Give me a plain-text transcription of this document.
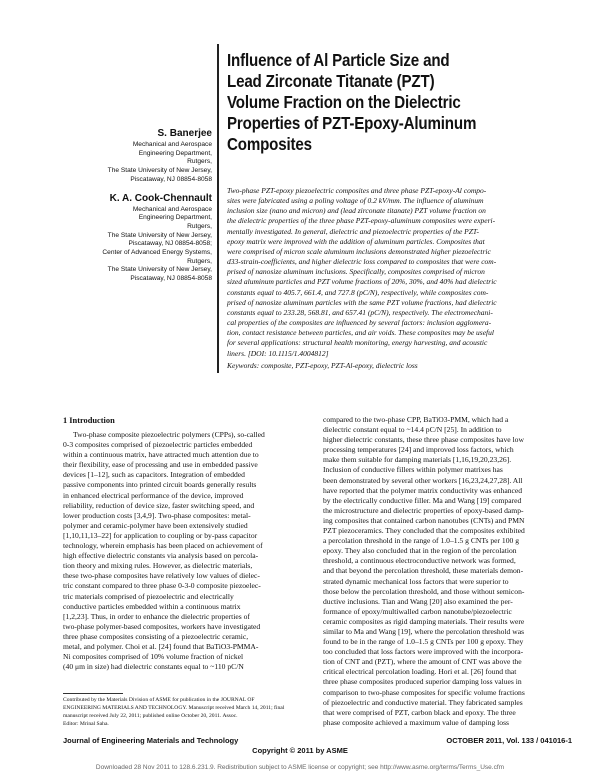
Influence of Al Particle Size and
Lead Zirconate Titanate (PZT)
Volume Fraction on the Dielectric
Properties of PZT-Epoxy-Aluminum
Composites
S. Banerjee
Mechanical and Aerospace
Engineering Department,
Rutgers,
The State University of New Jersey,
Piscataway, NJ 08854-8058
K. A. Cook-Chennault
Mechanical and Aerospace
Engineering Department,
Rutgers,
The State University of New Jersey,
Piscataway, NJ 08854-8058;
Center of Advanced Energy Systems,
Rutgers,
The State University of New Jersey,
Piscataway, NJ 08854-8058
Two-phase PZT-epoxy piezoelectric composites and three phase PZT-epoxy-Al compo-
sites were fabricated using a poling voltage of 0.2 kV/mm. The influence of aluminum
inclusion size (nano and micron) and (lead zirconate titanate) PZT volume fraction on
the dielectric properties of the three phase PZT-epoxy-aluminum composites were experi-
mentally investigated. In general, dielectric and piezoelectric properties of the PZT-
epoxy matrix were improved with the addition of aluminum particles. Composites that
were comprised of micron scale aluminum inclusions demonstrated higher piezoelectric
d33-strain-coefficients, and higher dielectric loss compared to composites that were com-
prised of nanosize aluminum inclusions. Specifically, composites comprised of micron
sized aluminum particles and PZT volume fractions of 20%, 30%, and 40% had dielectric
constants equal to 405.7, 661.4, and 727.8 (pC/N), respectively, while composites com-
prised of nanosize aluminum particles with the same PZT volume fractions, had dielectric
constants equal to 233.28, 568.81, and 657.41 (pC/N), respectively. The electromechani-
cal properties of the composites are influenced by several factors: inclusion agglomera-
tion, contact resistance between particles, and air voids. These composites may be useful
for several applications: structural health monitoring, energy harvesting, and acoustic
liners. [DOI: 10.1115/1.4004812]
Keywords: composite, PZT-epoxy, PZT-Al-epoxy, dielectric loss
1 Introduction
Two-phase composite piezoelectric polymers (CPPs), so-called
0-3 composites comprised of piezoelectric particles embedded
within a continuous matrix, have attracted much attention due to
their flexibility, ease of processing and use in embedded passive
devices [1–12], such as capacitors. Integration of embedded
passive components into printed circuit boards generally results
in enhanced electrical performance of the device, improved
reliability, reduction of device size, faster switching speed, and
lower production costs [3,4,9]. Two-phase composites: metal-
polymer and ceramic-polymer have been extensively studied
[1,10,11,13–22] for application to coupling or by-pass capacitor
technology, wherein emphasis has been placed on achievement of
high effective dielectric constants via analysis based on percola-
tion theory and mixing rules. However, as dielectric materials,
these two-phase composites have relatively low values of dielec-
tric constant compared to three phase 0-3-0 composite piezoelec-
tric materials comprised of piezoelectric and electrically
conductive particles embedded within a continuous matrix
[1,2,23]. Thus, in order to enhance the dielectric properties of
two-phase polymer-based composites, workers have investigated
three phase composites consisting of a piezoelectric ceramic,
metal, and polymer. Choi et al. [24] found that BaTiO3-PMMA-
Ni composites comprised of 10% volume fraction of nickel
(40 μm in size) had dielectric constants equal to ~110 pC/N
compared to the two-phase CPP, BaTiO3-PMM, which had a
dielectric constant equal to ~14.4 pC/N [25]. In addition to
higher dielectric constants, these three phase composites have low
processing temperatures [24] and improved loss factors, which
make them suitable for damping materials [1,16,19,20,23,26].
Inclusion of conductive fillers within polymer matrixes has
been demonstrated by several other workers [16,23,24,27,28]. All
have reported that the polymer matrix conductivity was enhanced
by the electrically conductive filler. Ma and Wang [19] compared
the microstructure and dielectric properties of epoxy-based damp-
ing composites that contained carbon nanotubes (CNTs) and PMN
PZT piezoceramics. They concluded that the composites exhibited
a percolation threshold in the range of 1.0–1.5 g CNTs per 100 g
epoxy. They also concluded that in the region of the percolation
threshold, a continuous electroconductive network was formed,
and that beyond the percolation threshold, these materials demon-
strated dynamic mechanical loss factors that were superior to
those below the percolation threshold, and those without semicon-
ductive inclusions. Tian and Wang [20] also examined the per-
formance of epoxy/multiwalled carbon nanotube/piezoelectric
ceramic composites as rigid damping materials. Their results were
similar to Ma and Wang [19], where the percolation threshold was
found to be in the range of 1.0–1.5 g CNTs per 100 g epoxy. They
too concluded that loss factors were improved with the incorpora-
tion of CNT and (PZT), where the amount of CNT was above the
critical electrical percolation loading. Hori et al. [26] found that
three phase composites produced superior damping loss values in
comparison to two-phase composites for specific volume fractions
of piezoelectric and conductive material. They fabricated samples
that were comprised of PZT, carbon black and epoxy. The three
phase composite achieved a maximum value of damping loss
Contributed by the Materials Division of ASME for publication in the JOURNAL OF
ENGINEERING MATERIALS AND TECHNOLOGY. Manuscript received March 14, 2011; final
manuscript received July 22, 2011; published online October 20, 2011. Assoc.
Editor: Mrinal Saha.
Journal of Engineering Materials and Technology	OCTOBER 2011, Vol. 133 / 041016-1
Copyright © 2011 by ASME
Downloaded 28 Nov 2011 to 128.6.231.9. Redistribution subject to ASME license or copyright; see http://www.asme.org/terms/Terms_Use.cfm
